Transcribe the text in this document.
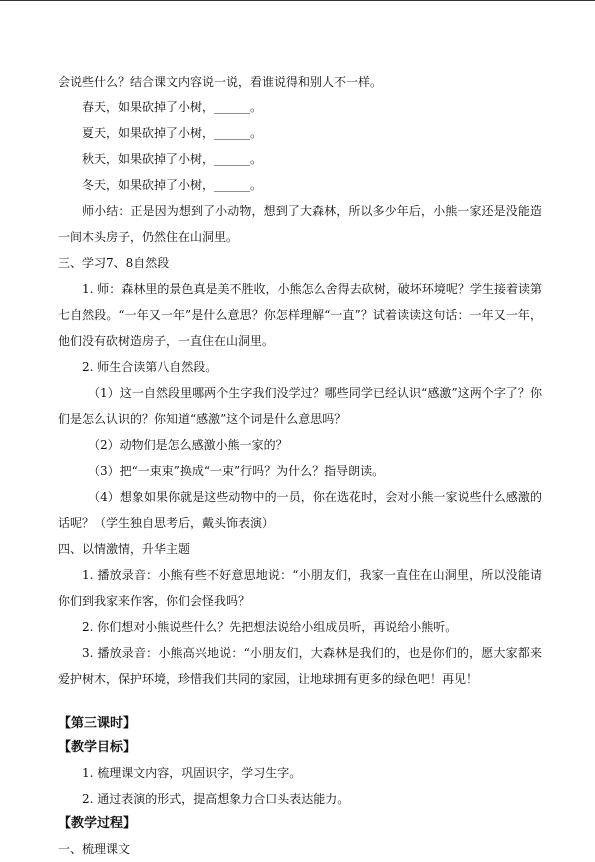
会说些什么？结合课文内容说一说，看谁说得和别人不一样。

春天，如果砍掉了小树，______。

夏天，如果砍掉了小树，______。

秋天，如果砍掉了小树，______。

冬天，如果砍掉了小树，______。

师小结：正是因为想到了小动物，想到了大森林，所以多少年后，小熊一家还是没能造一间木头房子，仍然住在山洞里。

三、学习7、8自然段

1. 师：森林里的景色真是美不胜收，小熊怎么舍得去砍树，破坏环境呢？学生接着读第七自然段。“一年又一年”是什么意思？你怎样理解“一直”？试着读读这句话：一年又一年，他们没有砍树造房子，一直住在山洞里。

2. 师生合读第八自然段。

（1）这一自然段里哪两个生字我们没学过？哪些同学已经认识“感激”这两个字了？你们是怎么认识的？你知道“感激”这个词是什么意思吗？

（2）动物们是怎么感激小熊一家的？

（3）把“一束束”换成“一束”行吗？为什么？指导朗读。

（4）想象如果你就是这些动物中的一员，你在选花时，会对小熊一家说些什么感激的话呢？（学生独自思考后，戴头饰表演）

四、以情激情，升华主题

1. 播放录音：小熊有些不好意思地说：“小朋友们，我家一直住在山洞里，所以没能请你们到我家来作客，你们会怪我吗？

2. 你们想对小熊说些什么？先把想法说给小组成员听，再说给小熊听。

3. 播放录音：小熊高兴地说：“小朋友们，大森林是我们的，也是你们的，愿大家都来爱护树木，保护环境，珍惜我们共同的家园，让地球拥有更多的绿色吧！再见！

【第三课时】

【教学目标】

1. 梳理课文内容，巩固识字，学习生字。

2. 通过表演的形式，提高想象力合口头表达能力。

【教学过程】

一、梳理课文
